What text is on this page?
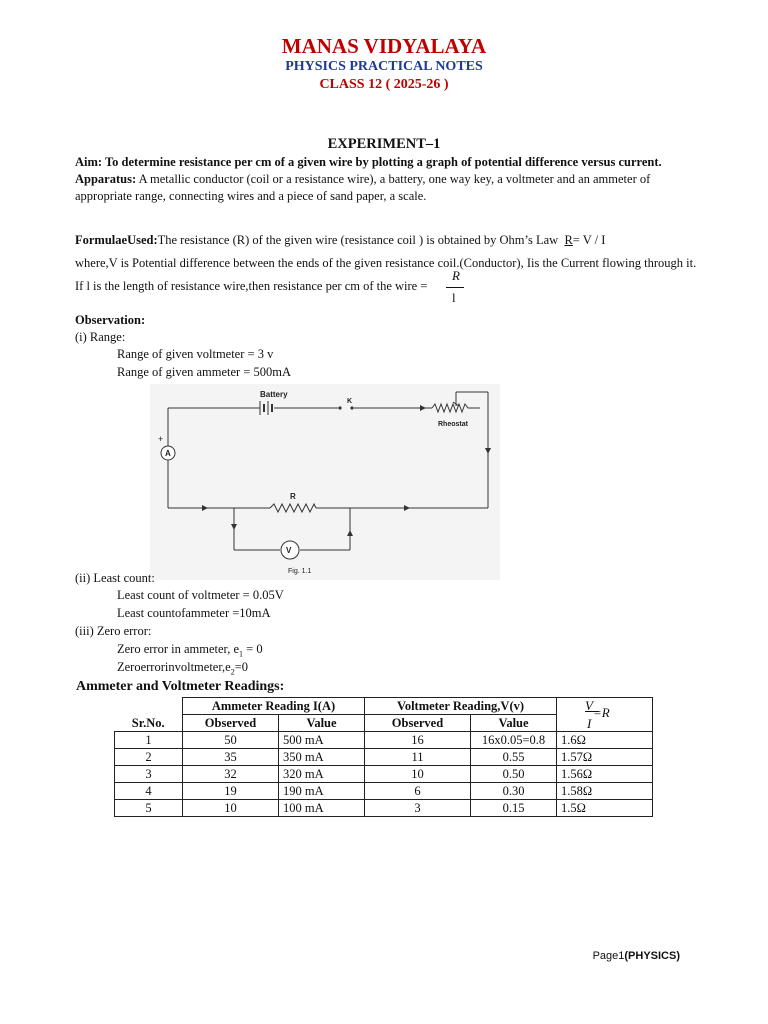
MANAS VIDYALAYA
PHYSICS PRACTICAL NOTES
CLASS 12 ( 2025-26 )
EXPERIMENT–1
Aim: To determine resistance per cm of a given wire by plotting a graph of potential difference versus current.
Apparatus: A metallic conductor (coil or a resistance wire), a battery, one way key, a voltmeter and an ammeter of
appropriate range, connecting wires and a piece of sand paper, a scale.
FormulaeUsed:The resistance (R) of the given wire (resistance coil ) is obtained by Ohm’s Law R= V / I
where,V is Potential difference between the ends of the given resistance coil.(Conductor), Iis the Current flowing through it.
If l is the length of resistance wire,then resistance per cm of the wire =
R
l
Observation:
(i) Range:
Range of given voltmeter = 3 v
Range of given ammeter = 500mA
Battery
K
Rheostat
R
A
V
+
Fig. 1.1
(ii) Least count:
Least count of voltmeter = 0.05V
Least countofammeter =10mA
(iii) Zero error:
Zero error in ammeter, $e_1 = 0$
$Zeroerrorinvoltmeter,e_2=0$
Ammeter and Voltmeter Readings:
Sr.No.	Ammeter Reading I(A)		Voltmeter Reading,V(v)		V =R
I

	Observed	Value	Observed	Value	
1	50	500 mA	16	16x0.05=0.8	1.6Ω
2	35	350 mA	11	0.55	1.57Ω
3	32	320 mA	10	0.50	1.56Ω
4	19	190 mA	6	0.30	1.58Ω
5	10	100 mA	3	0.15	1.5Ω
Page1(PHYSICS)
